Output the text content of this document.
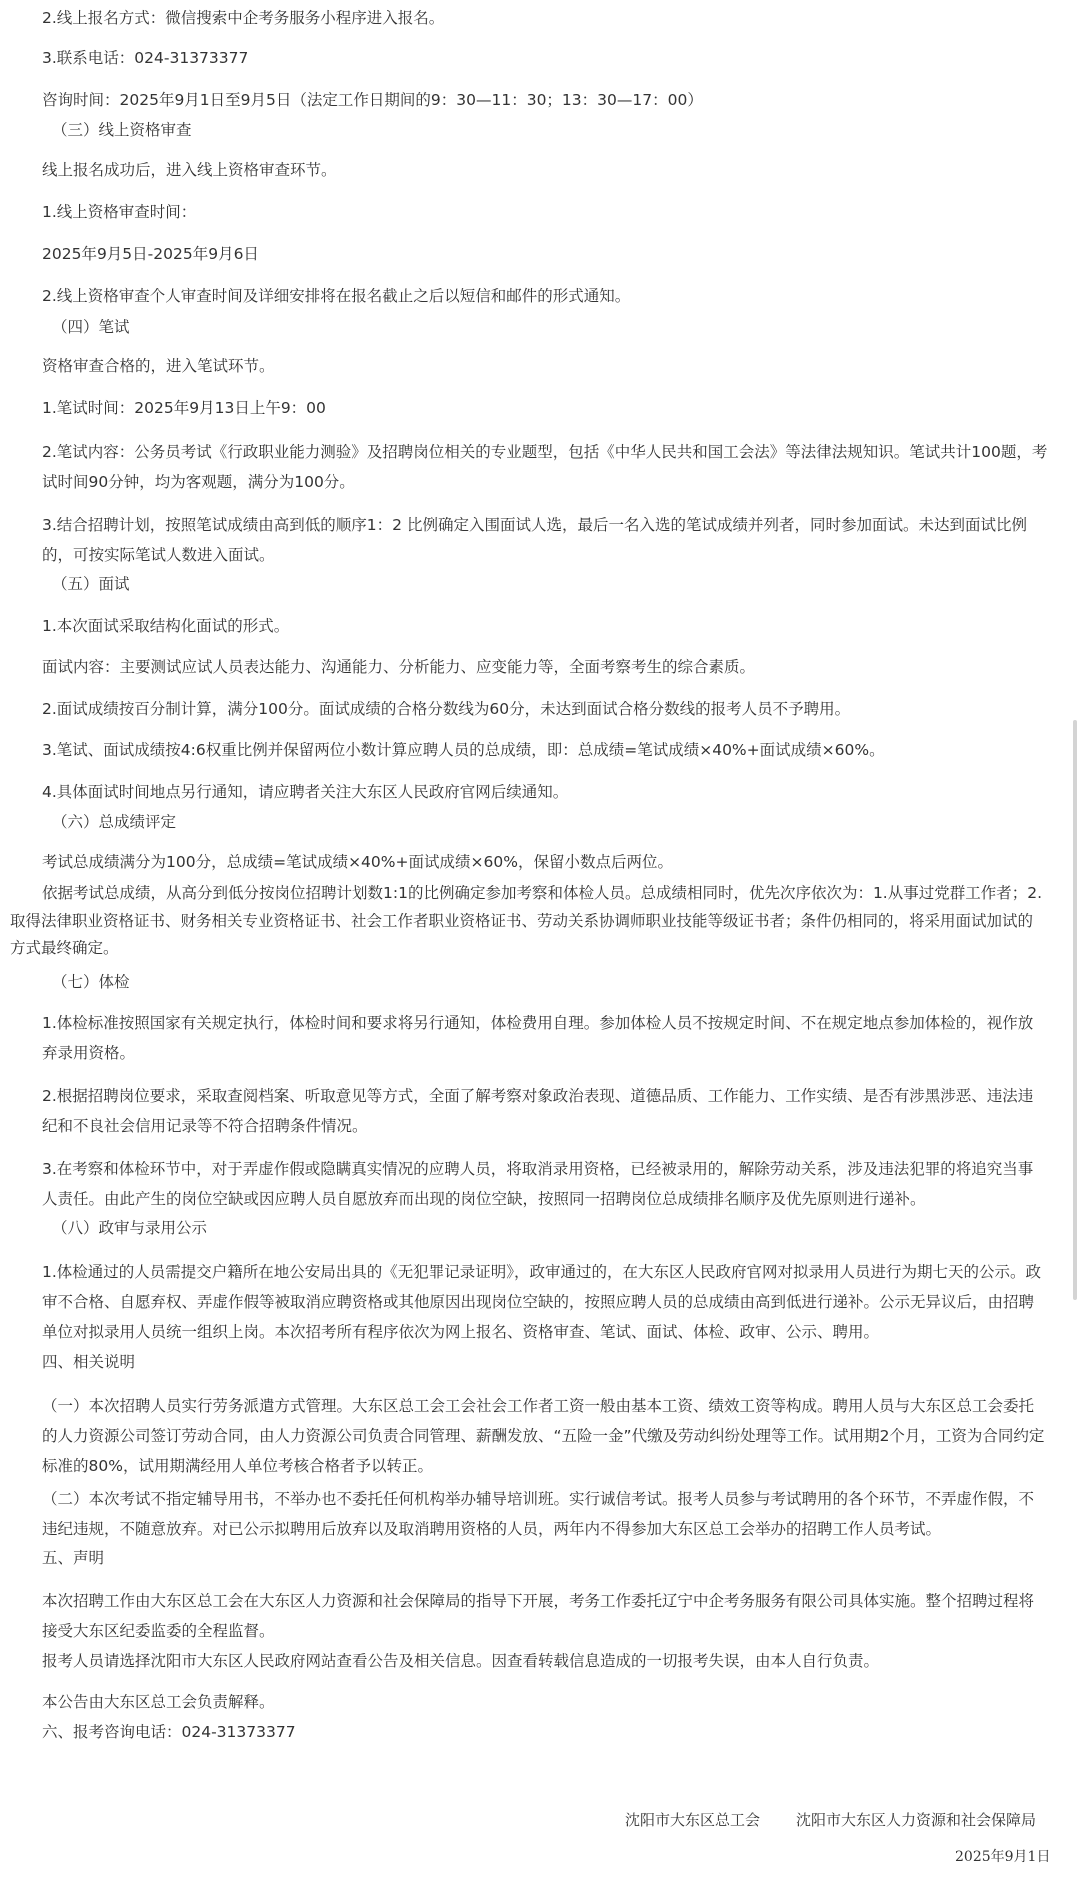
2.线上报名方式：微信搜索中企考务服务小程序进入报名。
3.联系电话：024-31373377
咨询时间：2025年9月1日至9月5日（法定工作日期间的9：30—11：30；13：30—17：00）
（三）线上资格审查
线上报名成功后，进入线上资格审查环节。
1.线上资格审查时间：
2025年9月5日-2025年9月6日
2.线上资格审查个人审查时间及详细安排将在报名截止之后以短信和邮件的形式通知。
（四）笔试
资格审查合格的，进入笔试环节。
1.笔试时间：2025年9月13日上午9：00
2.笔试内容：公务员考试《行政职业能力测验》及招聘岗位相关的专业题型，包括《中华人民共和国工会法》等法律法规知识。笔试共计100题，考试时间90分钟，均为客观题，满分为100分。
3.结合招聘计划，按照笔试成绩由高到低的顺序1：2 比例确定入围面试人选，最后一名入选的笔试成绩并列者，同时参加面试。未达到面试比例的，可按实际笔试人数进入面试。
（五）面试
1.本次面试采取结构化面试的形式。
面试内容：主要测试应试人员表达能力、沟通能力、分析能力、应变能力等，全面考察考生的综合素质。
2.面试成绩按百分制计算，满分100分。面试成绩的合格分数线为60分，未达到面试合格分数线的报考人员不予聘用。
3.笔试、面试成绩按4:6权重比例并保留两位小数计算应聘人员的总成绩，即：总成绩=笔试成绩×40%+面试成绩×60%。
4.具体面试时间地点另行通知，请应聘者关注大东区人民政府官网后续通知。
（六）总成绩评定
考试总成绩满分为100分，总成绩=笔试成绩×40%+面试成绩×60%，保留小数点后两位。
依据考试总成绩，从高分到低分按岗位招聘计划数1:1的比例确定参加考察和体检人员。总成绩相同时，优先次序依次为：1.从事过党群工作者；2.取得法律职业资格证书、财务相关专业资格证书、社会工作者职业资格证书、劳动关系协调师职业技能等级证书者；条件仍相同的，将采用面试加试的方式最终确定。
（七）体检
1.体检标准按照国家有关规定执行，体检时间和要求将另行通知，体检费用自理。参加体检人员不按规定时间、不在规定地点参加体检的，视作放弃录用资格。
2.根据招聘岗位要求，采取查阅档案、听取意见等方式，全面了解考察对象政治表现、道德品质、工作能力、工作实绩、是否有涉黑涉恶、违法违纪和不良社会信用记录等不符合招聘条件情况。
3.在考察和体检环节中，对于弄虚作假或隐瞒真实情况的应聘人员，将取消录用资格，已经被录用的，解除劳动关系，涉及违法犯罪的将追究当事人责任。由此产生的岗位空缺或因应聘人员自愿放弃而出现的岗位空缺，按照同一招聘岗位总成绩排名顺序及优先原则进行递补。
（八）政审与录用公示
1.体检通过的人员需提交户籍所在地公安局出具的《无犯罪记录证明》，政审通过的，在大东区人民政府官网对拟录用人员进行为期七天的公示。政审不合格、自愿弃权、弄虚作假等被取消应聘资格或其他原因出现岗位空缺的，按照应聘人员的总成绩由高到低进行递补。公示无异议后，由招聘单位对拟录用人员统一组织上岗。本次招考所有程序依次为网上报名、资格审查、笔试、面试、体检、政审、公示、聘用。
四、相关说明
（一）本次招聘人员实行劳务派遣方式管理。大东区总工会工会社会工作者工资一般由基本工资、绩效工资等构成。聘用人员与大东区总工会委托的人力资源公司签订劳动合同，由人力资源公司负责合同管理、薪酬发放、“五险一金”代缴及劳动纠纷处理等工作。试用期2个月，工资为合同约定标准的80%，试用期满经用人单位考核合格者予以转正。
（二）本次考试不指定辅导用书，不举办也不委托任何机构举办辅导培训班。实行诚信考试。报考人员参与考试聘用的各个环节，不弄虚作假，不违纪违规，不随意放弃。对已公示拟聘用后放弃以及取消聘用资格的人员，两年内不得参加大东区总工会举办的招聘工作人员考试。
五、声明
本次招聘工作由大东区总工会在大东区人力资源和社会保障局的指导下开展，考务工作委托辽宁中企考务服务有限公司具体实施。整个招聘过程将接受大东区纪委监委的全程监督。
报考人员请选择沈阳市大东区人民政府网站查看公告及相关信息。因查看转载信息造成的一切报考失误，由本人自行负责。
本公告由大东区总工会负责解释。
六、报考咨询电话：024-31373377
沈阳市大东区总工会 沈阳市大东区人力资源和社会保障局
2025年9月1日
